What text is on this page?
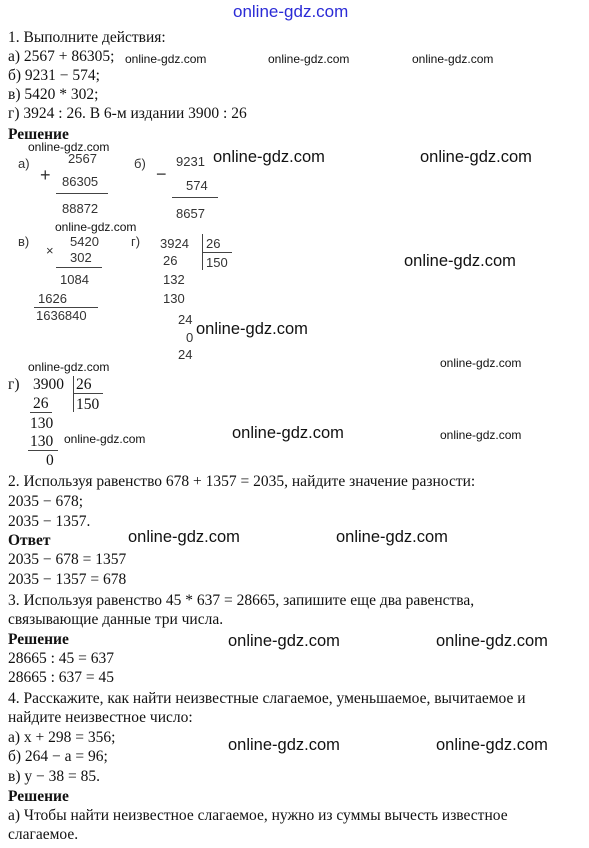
online-gdz.com
1. Выполните действия:
а) 2567 + 86305;
б) 9231 − 574;
в) 5420 * 302;
г) 3924 : 26. В 6-м издании 3900 : 26
Решение
online-gdz.com	online-gdz.com	online-gdz.com
online-gdz.com
а)
+
2567
86305
88872
б)
−
9231
574
8657
online-gdz.com	online-gdz.com
online-gdz.com
в)
×
5420
302
1084
1626
1636840
г) 3924 26
150
26
132
130
24
0
24
online-gdz.com
online-gdz.com
online-gdz.com	online-gdz.com
г) 3900 26
150
26
130
130
0
online-gdz.com	online-gdz.com	online-gdz.com
2. Используя равенство 678 + 1357 = 2035, найдите значение разности:
2035 − 678;
2035 − 1357.
Ответ
2035 − 678 = 1357
2035 − 1357 = 678
online-gdz.com	online-gdz.com
3. Используя равенство 45 * 637 = 28665, запишите еще два равенства,
связывающие данные три числа.
Решение
28665 : 45 = 637
28665 : 637 = 45
online-gdz.com	online-gdz.com
4. Расскажите, как найти неизвестные слагаемое, уменьшаемое, вычитаемое и
найдите неизвестное число:
а) x + 298 = 356;
б) 264 − a = 96;
в) y − 38 = 85.
Решение
а) Чтобы найти неизвестное слагаемое, нужно из суммы вычесть известное
слагаемое.
online-gdz.com	online-gdz.com
